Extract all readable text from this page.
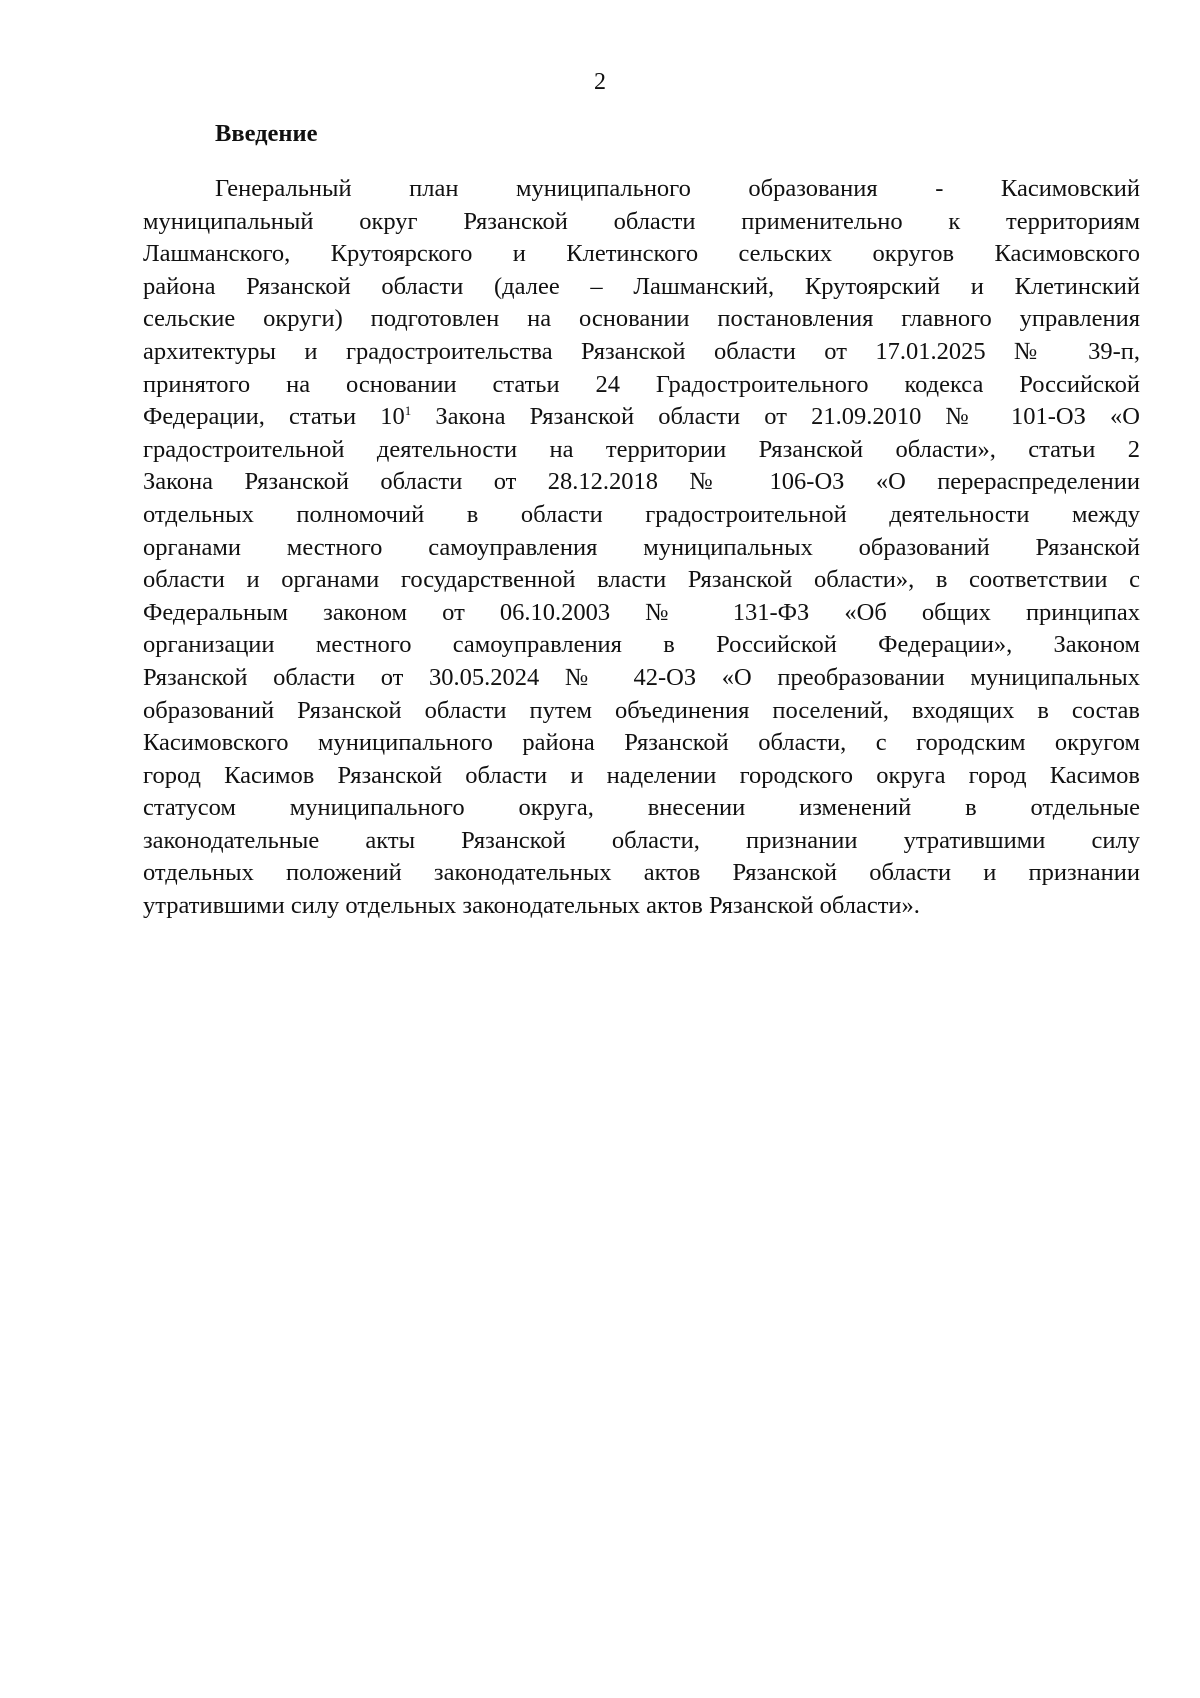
2
Введение
Генеральный план муниципального образования - Касимовский
муниципальный округ Рязанской области применительно к территориям
Лашманского, Крутоярского и Клетинского сельских округов Касимовского
района Рязанской области (далее – Лашманский, Крутоярский и Клетинский
сельские округи) подготовлен на основании постановления главного управления
архитектуры и градостроительства Рязанской области от 17.01.2025 № 39-п,
принятого на основании статьи 24 Градостроительного кодекса Российской
Федерации, статьи $10^1$ Закона Рязанской области от 21.09.2010 № 101-ОЗ «О
градостроительной деятельности на территории Рязанской области», статьи 2
Закона Рязанской области от 28.12.2018 № 106-ОЗ «О перераспределении
отдельных полномочий в области градостроительной деятельности между
органами местного самоуправления муниципальных образований Рязанской
области и органами государственной власти Рязанской области», в соответствии с
Федеральным законом от 06.10.2003 № 131-ФЗ «Об общих принципах
организации местного самоуправления в Российской Федерации», Законом
Рязанской области от 30.05.2024 № 42-ОЗ «О преобразовании муниципальных
образований Рязанской области путем объединения поселений, входящих в состав
Касимовского муниципального района Рязанской области, с городским округом
город Касимов Рязанской области и наделении городского округа город Касимов
статусом муниципального округа, внесении изменений в отдельные
законодательные акты Рязанской области, признании утратившими силу
отдельных положений законодательных актов Рязанской области и признании
утратившими силу отдельных законодательных актов Рязанской области».
